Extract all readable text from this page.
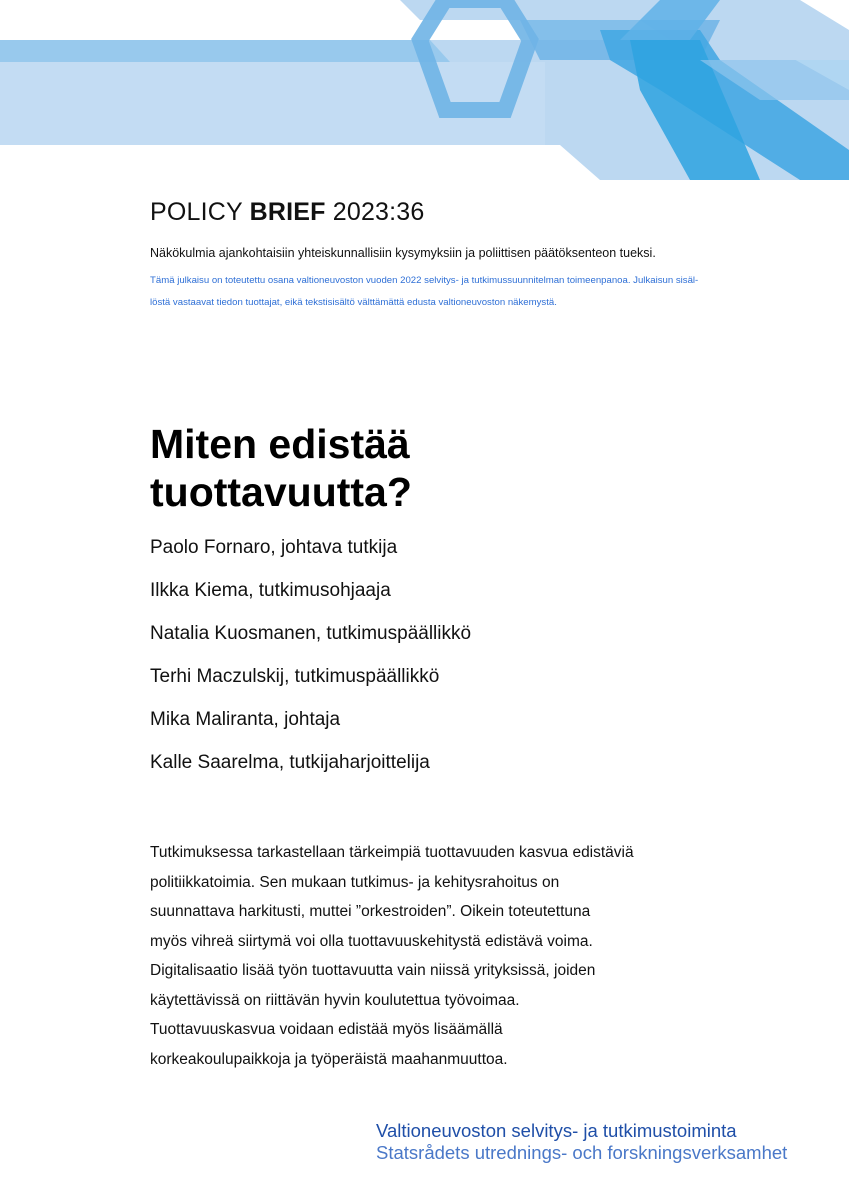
POLICY BRIEF 2023:36

Näkökulmia ajankohtaisiin yhteiskunnallisiin kysymyksiin ja poliittisen päätöksenteon tueksi.

Tämä julkaisu on toteutettu osana valtioneuvoston vuoden 2022 selvitys- ja tutkimussuunnitelman toimeenpanoa. Julkaisun sisäl-
löstä vastaavat tiedon tuottajat, eikä tekstisisältö välttämättä edusta valtioneuvoston näkemystä.

Miten edistää
tuottavuutta?
Paolo Fornaro, johtava tutkija
Ilkka Kiema, tutkimusohjaaja
Natalia Kuosmanen, tutkimuspäällikkö
Terhi Maczulskij, tutkimuspäällikkö
Mika Maliranta, johtaja
Kalle Saarelma, tutkijaharjoittelija

Tutkimuksessa tarkastellaan tärkeimpiä tuottavuuden kasvua edistäviä
politiikkatoimia. Sen mukaan tutkimus- ja kehitysrahoitus on
suunnattava harkitusti, muttei ”orkestroiden”. Oikein toteutettuna
myös vihreä siirtymä voi olla tuottavuuskehitystä edistävä voima.
Digitalisaatio lisää työn tuottavuutta vain niissä yrityksissä, joiden
käytettävissä on riittävän hyvin koulutettua työvoimaa.
Tuottavuuskasvua voidaan edistää myös lisäämällä
korkeakoulupaikkoja ja työperäistä maahanmuuttoa.

Valtioneuvoston selvitys- ja tutkimustoiminta
Statsrådets utrednings- och forskningsverksamhet
